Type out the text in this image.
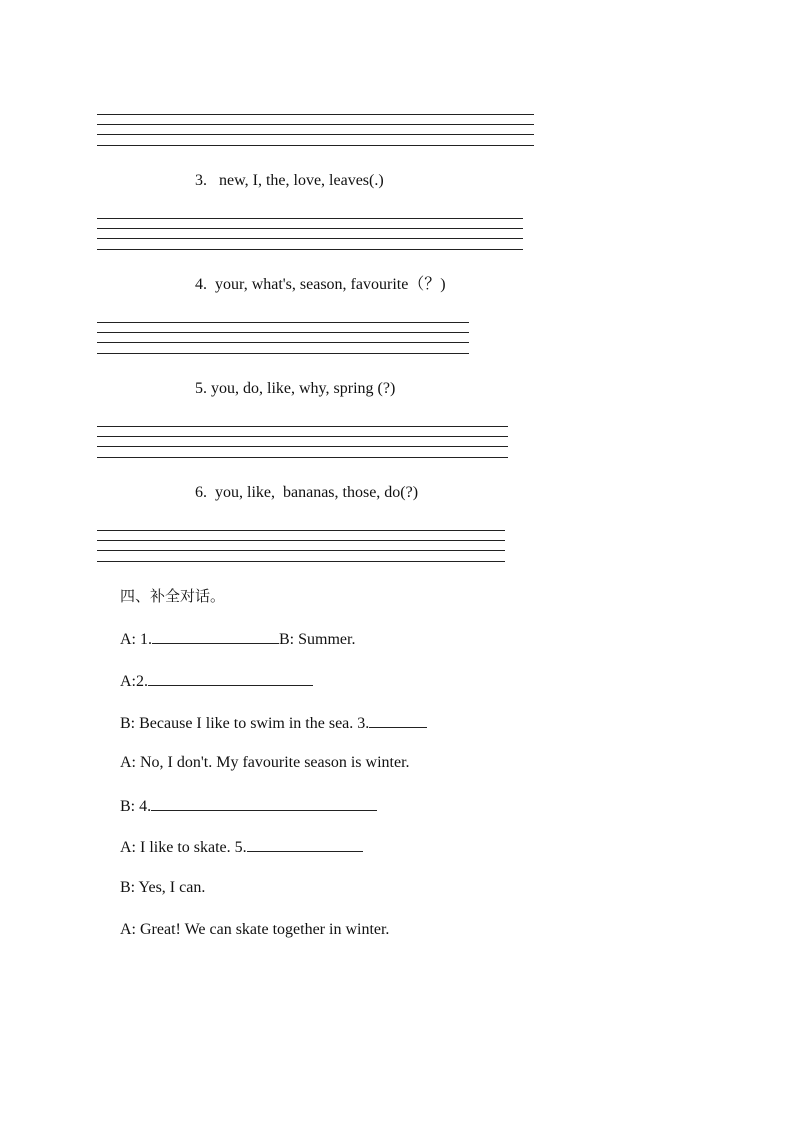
3.   new, I, the, love, leaves(.)
4.  your, what's, season, favourite（？)
5. you, do, like, why, spring (?)
6.  you, like,  bananas, those, do(?)
四、补全对话。
A: 1.	B: Summer.
A:2.
B: Because I like to swim in the sea. 3.
A: No, I don't. My favourite season is winter.
B: 4.
A: I like to skate. 5.
B: Yes, I can.
A: Great! We can skate together in winter.
